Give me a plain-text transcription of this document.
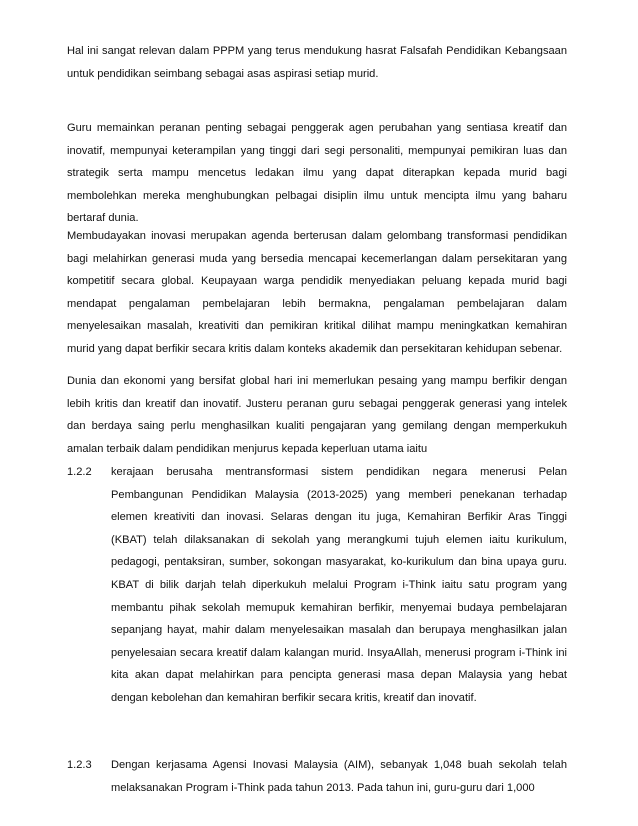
Hal ini sangat relevan dalam PPPM yang terus mendukung hasrat Falsafah Pendidikan Kebangsaan untuk pendidikan seimbang sebagai asas aspirasi setiap murid.

Guru memainkan peranan penting sebagai penggerak agen perubahan yang sentiasa kreatif dan inovatif, mempunyai keterampilan yang tinggi dari segi personaliti, mempunyai pemikiran luas dan strategik serta mampu mencetus ledakan ilmu yang dapat diterapkan kepada murid bagi membolehkan mereka menghubungkan pelbagai disiplin ilmu untuk mencipta ilmu yang baharu bertaraf dunia.

Membudayakan inovasi merupakan agenda berterusan dalam gelombang transformasi pendidikan bagi melahirkan generasi muda yang bersedia mencapai kecemerlangan dalam persekitaran yang kompetitif secara global. Keupayaan warga pendidik menyediakan peluang kepada murid bagi mendapat pengalaman pembelajaran lebih bermakna, pengalaman pembelajaran dalam menyelesaikan masalah, kreativiti dan pemikiran kritikal dilihat mampu meningkatkan kemahiran murid yang dapat berfikir secara kritis dalam konteks akademik dan persekitaran kehidupan sebenar.

Dunia dan ekonomi yang bersifat global hari ini memerlukan pesaing yang mampu berfikir dengan lebih kritis dan kreatif dan inovatif. Justeru peranan guru sebagai penggerak generasi yang intelek dan berdaya saing perlu menghasilkan kualiti pengajaran yang gemilang dengan memperkukuh amalan terbaik dalam pendidikan menjurus kepada keperluan utama iaitu

1.2.2	kerajaan berusaha mentransformasi sistem pendidikan negara menerusi Pelan Pembangunan Pendidikan Malaysia (2013-2025) yang memberi penekanan terhadap elemen kreativiti dan inovasi. Selaras dengan itu juga, Kemahiran Berfikir Aras Tinggi (KBAT) telah dilaksanakan di sekolah yang merangkumi tujuh elemen iaitu kurikulum, pedagogi, pentaksiran, sumber, sokongan masyarakat, ko-kurikulum dan bina upaya guru. KBAT di bilik darjah telah diperkukuh melalui Program i-Think iaitu satu program yang membantu pihak sekolah memupuk kemahiran berfikir, menyemai budaya pembelajaran sepanjang hayat, mahir dalam menyelesaikan masalah dan berupaya menghasilkan jalan penyelesaian secara kreatif dalam kalangan murid. InsyaAllah, menerusi program i-Think ini kita akan dapat melahirkan para pencipta generasi masa depan Malaysia yang hebat dengan kebolehan dan kemahiran berfikir secara kritis, kreatif dan inovatif.
1.2.3	Dengan kerjasama Agensi Inovasi Malaysia (AIM), sebanyak 1,048 buah sekolah telah melaksanakan Program i-Think pada tahun 2013. Pada tahun ini, guru-guru dari 1,000
